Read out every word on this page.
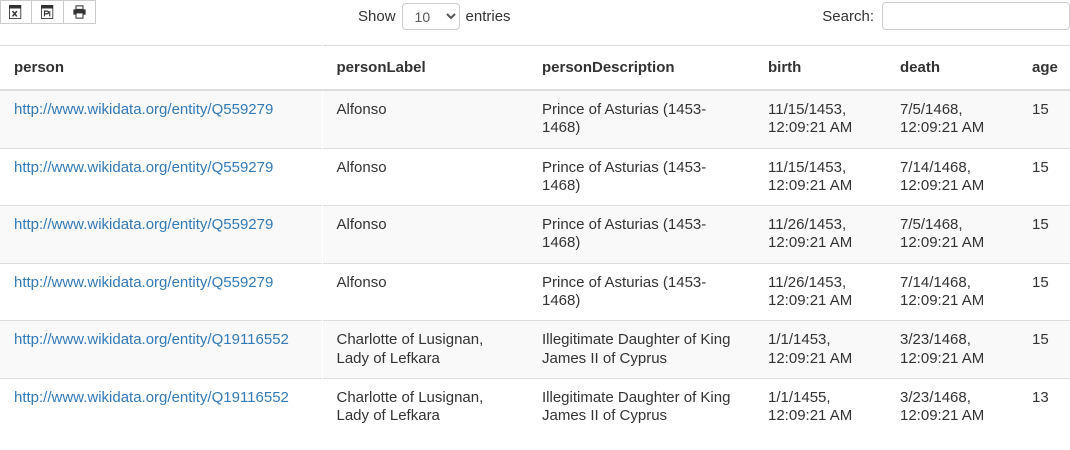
Show
10	entries	Search:
person	personLabel	personDescription	birth	death	age
http://www.wikidata.org/entity/Q559279	Alfonso	Prince of Asturias (1453-1468)	11/15/1453, 12:09:21 AM	7/5/1468, 12:09:21 AM	15
http://www.wikidata.org/entity/Q559279	Alfonso	Prince of Asturias (1453-1468)	11/15/1453, 12:09:21 AM	7/14/1468, 12:09:21 AM	15
http://www.wikidata.org/entity/Q559279	Alfonso	Prince of Asturias (1453-1468)	11/26/1453, 12:09:21 AM	7/5/1468, 12:09:21 AM	15
http://www.wikidata.org/entity/Q559279	Alfonso	Prince of Asturias (1453-1468)	11/26/1453, 12:09:21 AM	7/14/1468, 12:09:21 AM	15
http://www.wikidata.org/entity/Q19116552	Charlotte of Lusignan, Lady of Lefkara	Illegitimate Daughter of King James II of Cyprus	1/1/1453, 12:09:21 AM	3/23/1468, 12:09:21 AM	15
http://www.wikidata.org/entity/Q19116552	Charlotte of Lusignan, Lady of Lefkara	Illegitimate Daughter of King James II of Cyprus	1/1/1455, 12:09:21 AM	3/23/1468, 12:09:21 AM	13
